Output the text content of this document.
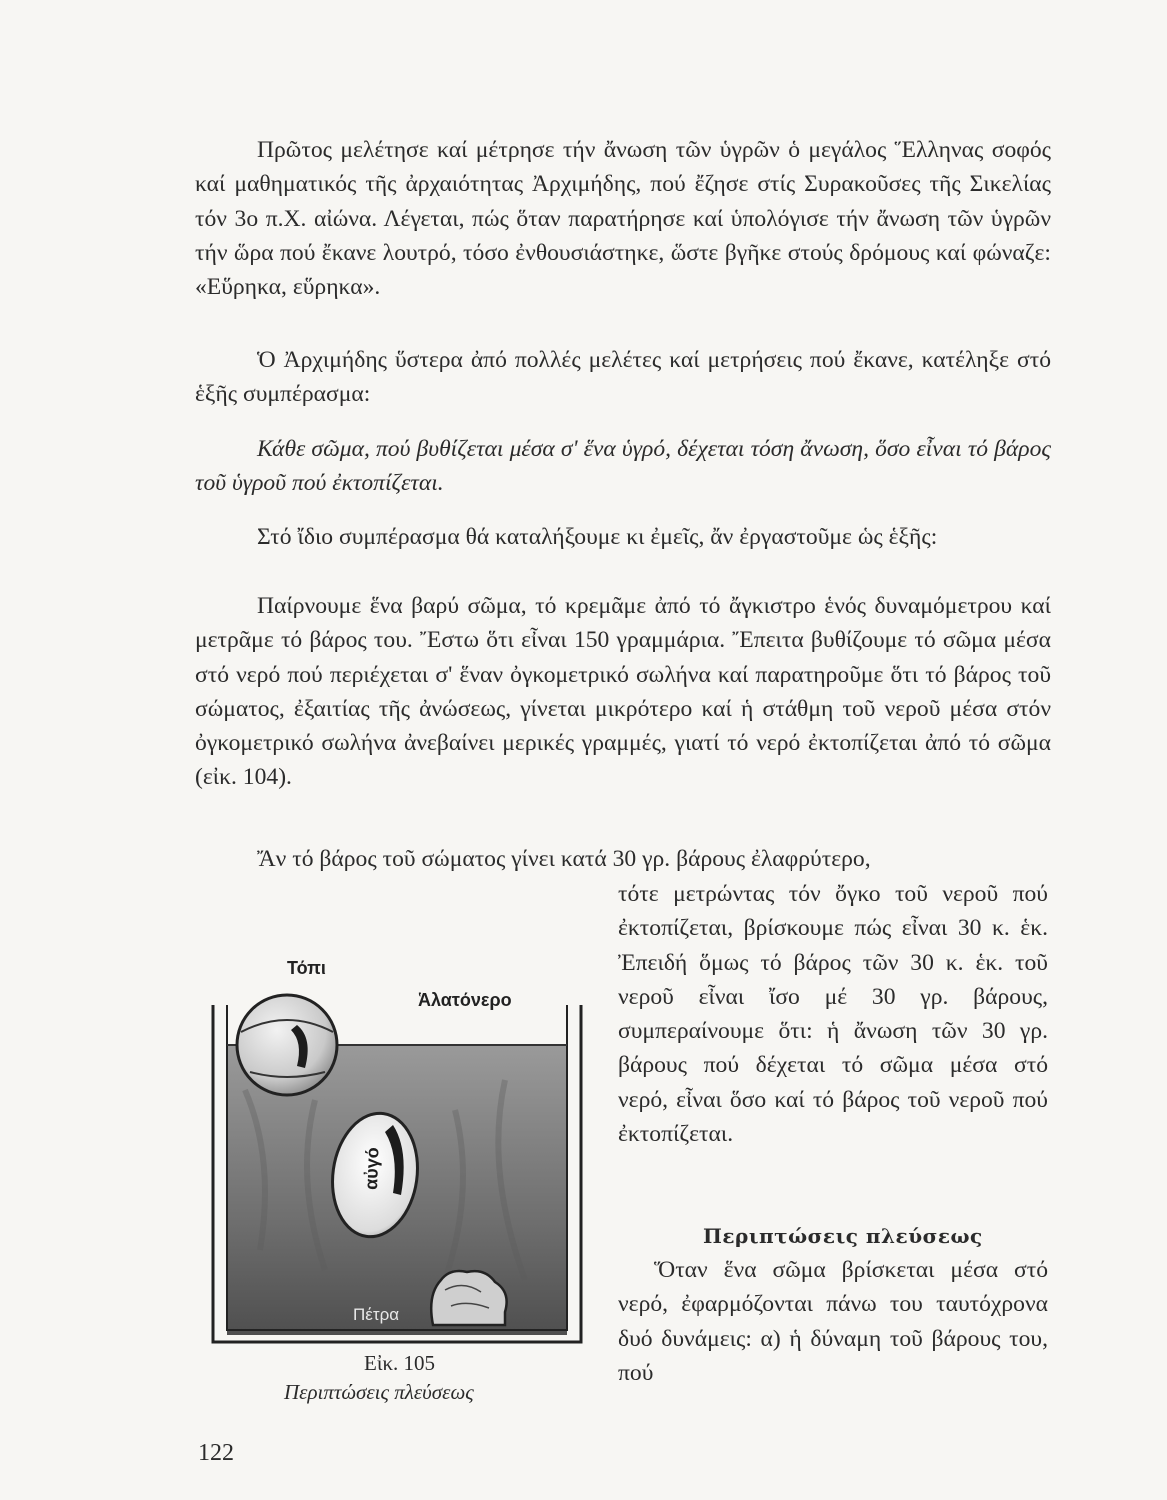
Πρῶτος μελέτησε καί μέτρησε τήν ἄνωση τῶν ὑγρῶν ὁ μεγάλος Ἕλληνας σοφός καί μαθηματικός τῆς ἀρχαιότητας Ἀρχιμήδης, πού ἔζησε στίς Συρακοῦσες τῆς Σικελίας τόν 3ο π.Χ. αἰώνα. Λέγεται, πώς ὅταν παρατήρησε καί ὑπολόγισε τήν ἄνωση τῶν ὑγρῶν τήν ὥρα πού ἔκανε λουτρό, τόσο ἐνθουσιάστηκε, ὥστε βγῆκε στούς δρόμους καί φώναζε: «Εὕρηκα, εὕρηκα».

Ὁ Ἀρχιμήδης ὕστερα ἀπό πολλές μελέτες καί μετρήσεις πού ἔκανε, κατέληξε στό ἑξῆς συμπέρασμα:

Κάθε σῶμα, πού βυθίζεται μέσα σ' ἕνα ὑγρό, δέχεται τόση ἄνωση, ὅσο εἶναι τό βάρος τοῦ ὑγροῦ πού ἐκτοπίζεται.

Στό ἴδιο συμπέρασμα θά καταλήξουμε κι ἐμεῖς, ἄν ἐργαστοῦμε ὡς ἑξῆς:

Παίρνουμε ἕνα βαρύ σῶμα, τό κρεμᾶμε ἀπό τό ἄγκιστρο ἑνός δυναμόμετρου καί μετρᾶμε τό βάρος του. Ἔστω ὅτι εἶναι 150 γραμμάρια. Ἔπειτα βυθίζουμε τό σῶμα μέσα στό νερό πού περιέχεται σ' ἕναν ὀγκομετρικό σωλήνα καί παρατηροῦμε ὅτι τό βάρος τοῦ σώματος, ἐξαιτίας τῆς ἀνώσεως, γίνεται μικρότερο καί ἡ στάθμη τοῦ νεροῦ μέσα στόν ὀγκομετρικό σωλήνα ἀνεβαίνει μερικές γραμμές, γιατί τό νερό ἐκτοπίζεται ἀπό τό σῶμα (εἰκ. 104).

Ἄν τό βάρος τοῦ σώματος γίνει κατά 30 γρ. βάρους ἐλαφρύτερο,

τότε μετρώντας τόν ὄγκο τοῦ νεροῦ πού ἐκτοπίζεται, βρίσκουμε πώς εἶναι 30 κ. ἑκ. Ἐπειδή ὅμως τό βάρος τῶν 30 κ. ἑκ. τοῦ νεροῦ εἶναι ἴσο μέ 30 γρ. βάρους, συμπεραίνουμε ὅτι: ἡ ἄνωση τῶν 30 γρ. βάρους πού δέχεται τό σῶμα μέσα στό
νερό, εἶναι ὅσο καί τό βάρος τοῦ νεροῦ πού ἐκτοπίζεται.
Περιπτώσεις πλεύσεως

Ὅταν ἕνα σῶμα βρίσκεται μέσα στό νερό, ἐφαρμόζονται πάνω του ταυτόχρονα δυό δυνάμεις: α) ἡ δύναμη τοῦ βάρους του, πού

αὐγό
Πέτρα
Τόπι
Ἁλατόνερο
Εἰκ. 105
Περιπτώσεις πλεύσεως
122
